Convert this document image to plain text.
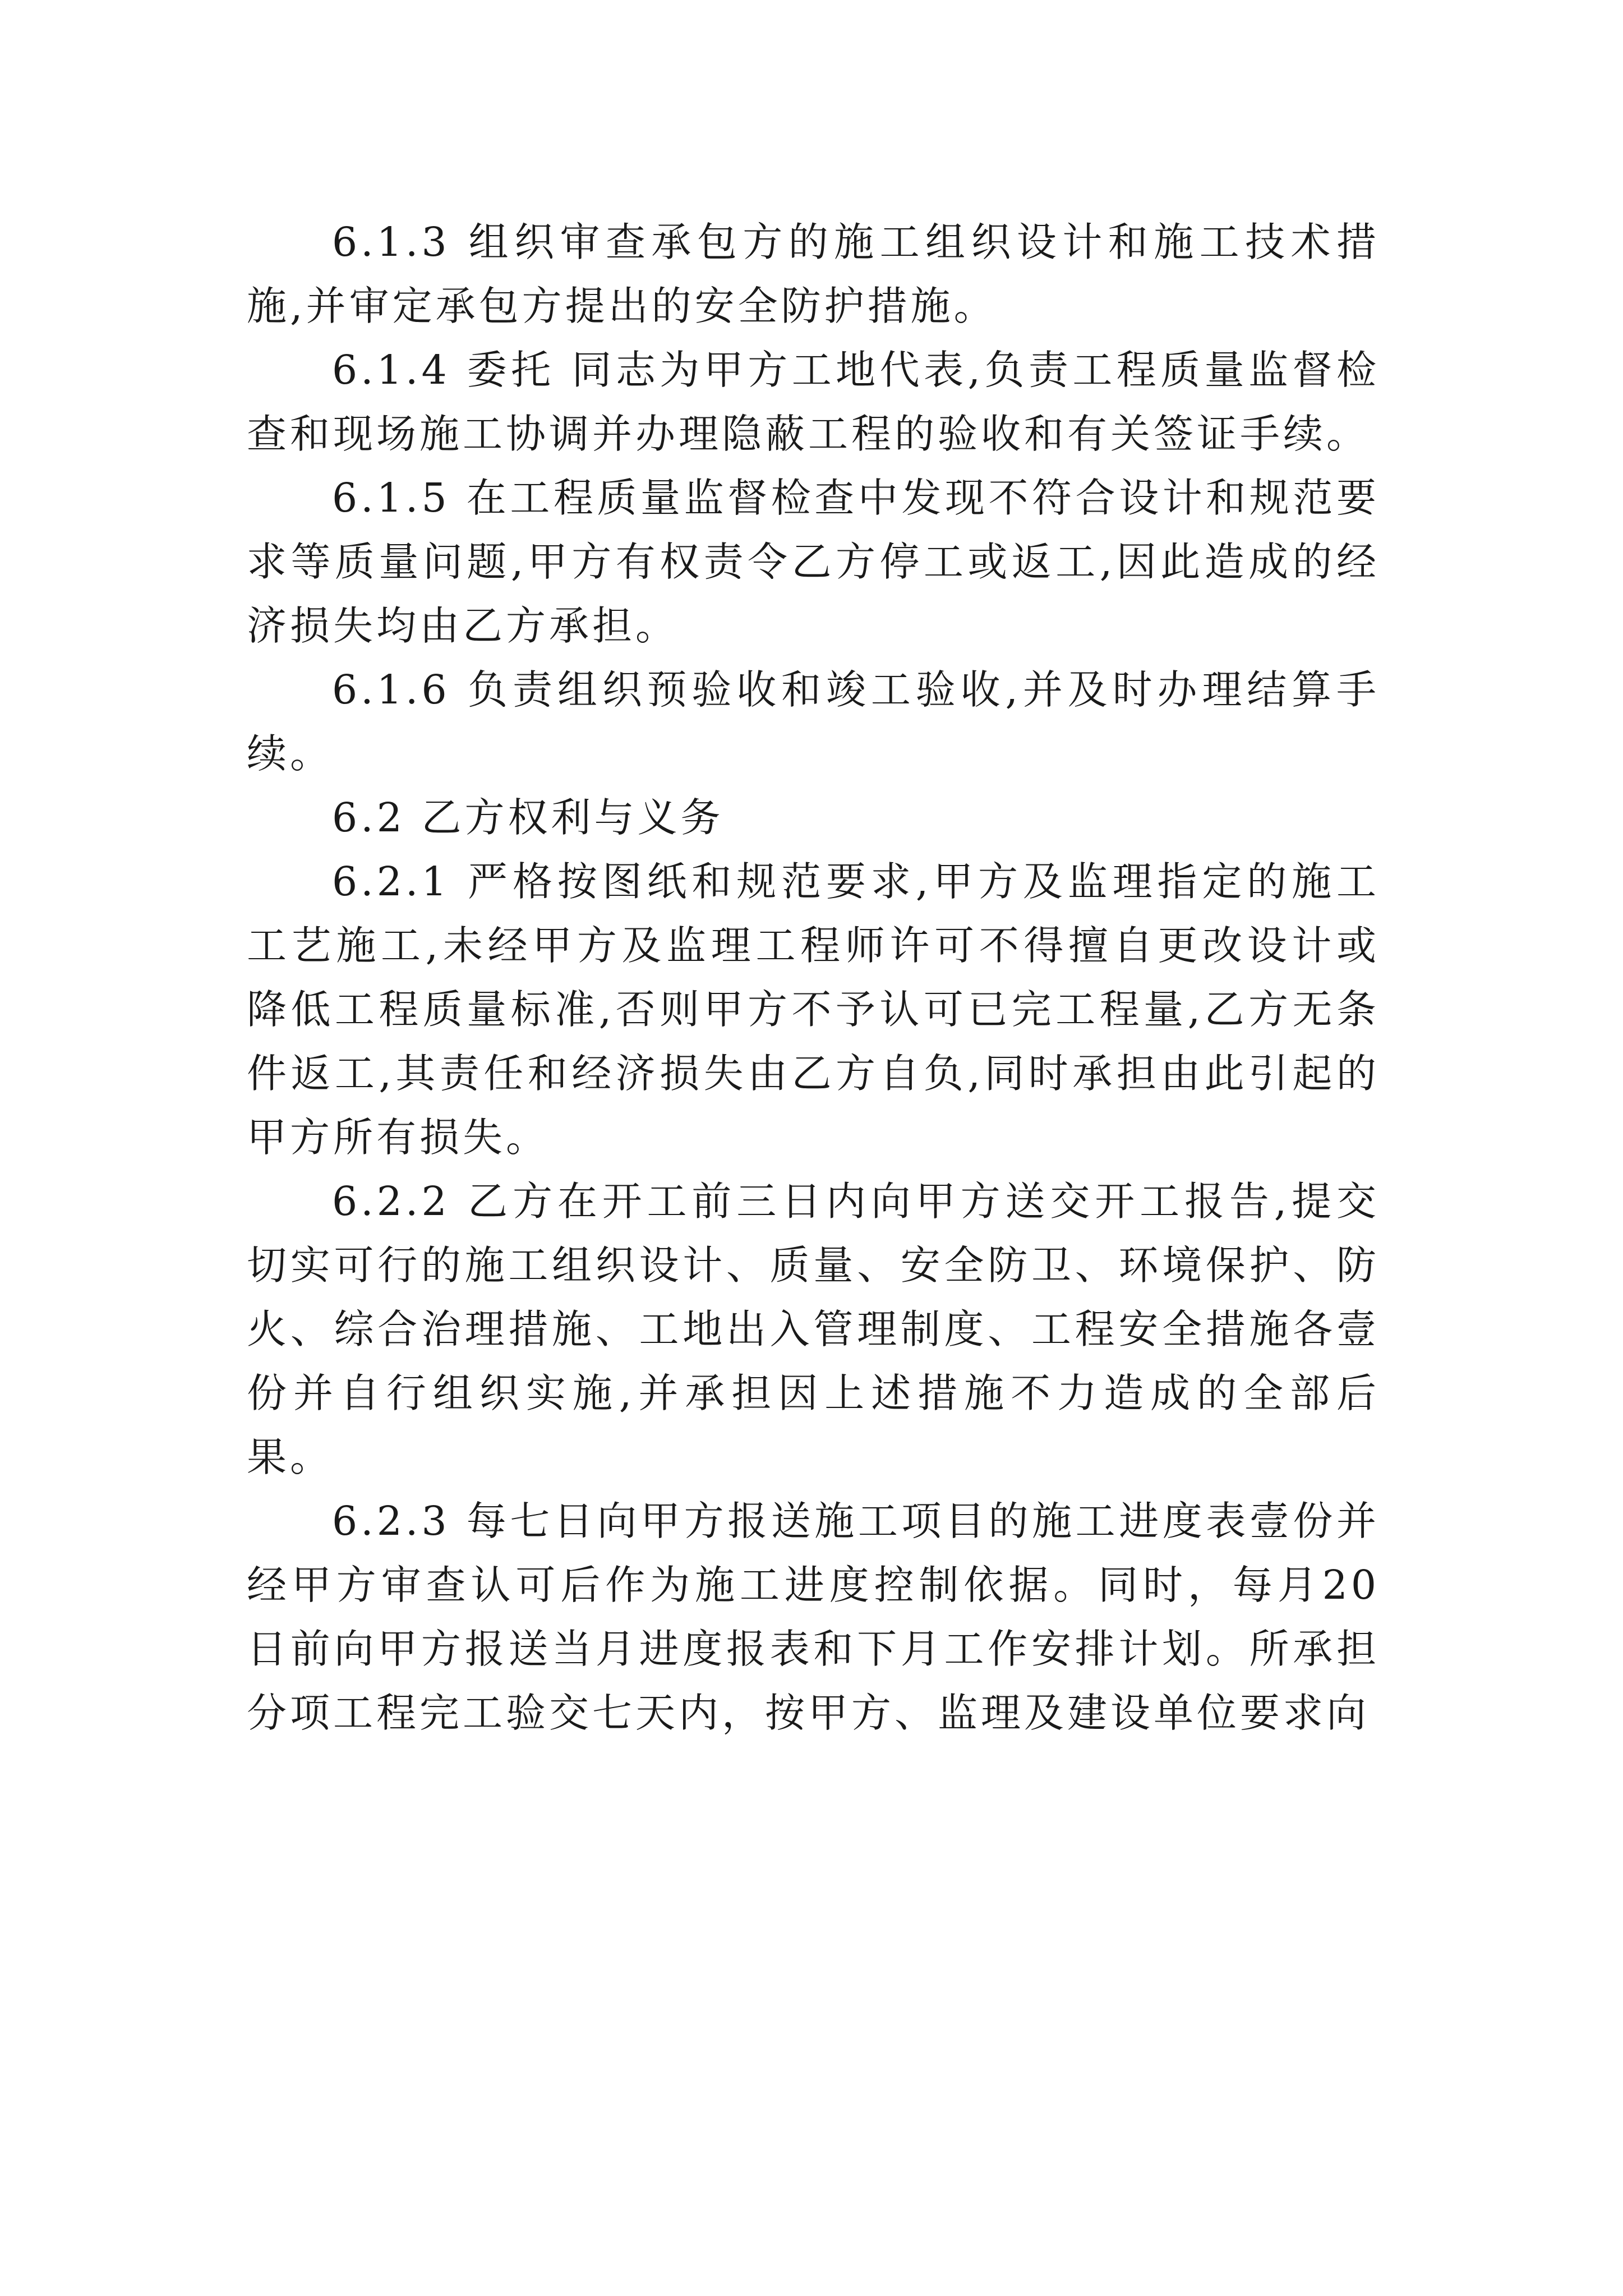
6.1.3 组织审查承包方的施工组织设计和施工技术措施,并审定承包方提出的安全防护措施。

6.1.4 委托 同志为甲方工地代表,负责工程质量监督检查和现场施工协调并办理隐蔽工程的验收和有关签证手续。

6.1.5 在工程质量监督检查中发现不符合设计和规范要求等质量问题,甲方有权责令乙方停工或返工,因此造成的经济损失均由乙方承担。

6.1.6 负责组织预验收和竣工验收,并及时办理结算手续。

6.2 乙方权利与义务

6.2.1 严格按图纸和规范要求,甲方及监理指定的施工工艺施工,未经甲方及监理工程师许可不得擅自更改设计或降低工程质量标准,否则甲方不予认可已完工程量,乙方无条件返工,其责任和经济损失由乙方自负,同时承担由此引起的甲方所有损失。

6.2.2 乙方在开工前三日内向甲方送交开工报告,提交切实可行的施工组织设计、质量、安全防卫、环境保护、防火、综合治理措施、工地出入管理制度、工程安全措施各壹份并自行组织实施,并承担因上述措施不力造成的全部后果。

6.2.3 每七日向甲方报送施工项目的施工进度表壹份并经甲方审查认可后作为施工进度控制依据。同时，每月20日前向甲方报送当月进度报表和下月工作安排计划。所承担分项工程完工验交七天内，按甲方、监理及建设单位要求向
